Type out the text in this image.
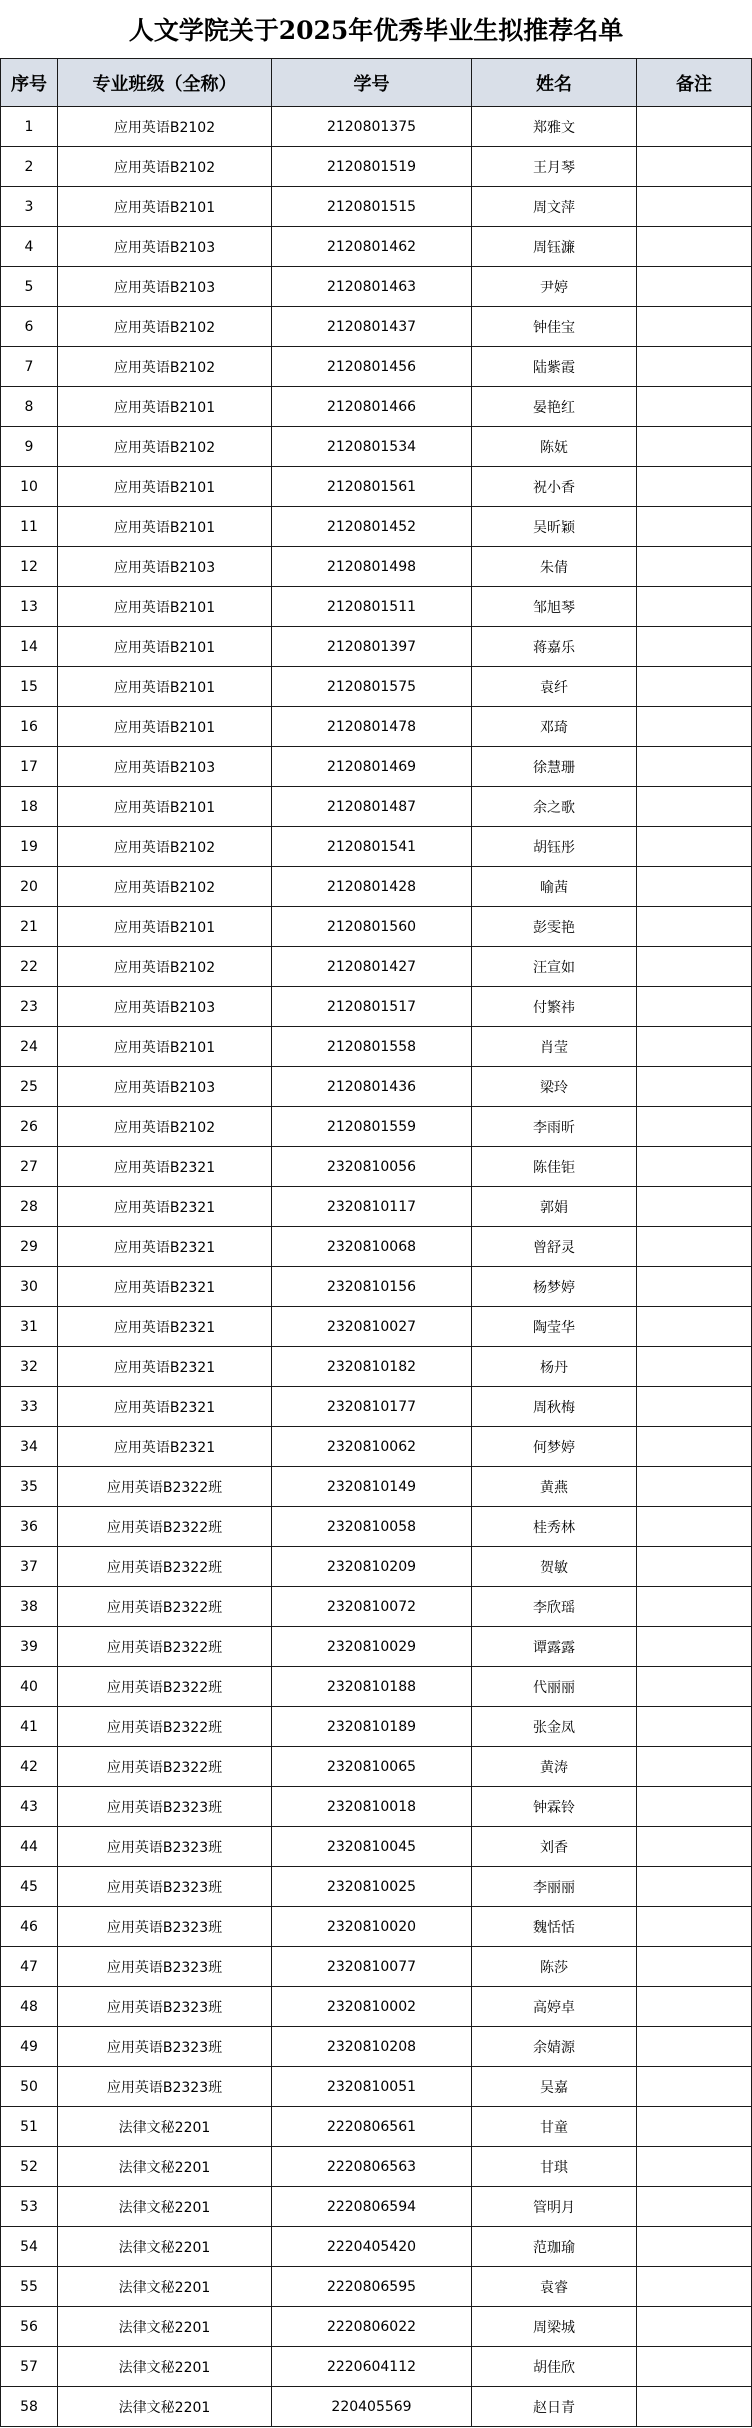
人文学院关于2025年优秀毕业生拟推荐名单
序号	专业班级（全称）	学号	姓名	备注
1	应用英语B2102	2120801375	郑雅文	
2	应用英语B2102	2120801519	王月琴	
3	应用英语B2101	2120801515	周文萍	
4	应用英语B2103	2120801462	周钰濂	
5	应用英语B2103	2120801463	尹婷	
6	应用英语B2102	2120801437	钟佳宝	
7	应用英语B2102	2120801456	陆紫霞	
8	应用英语B2101	2120801466	晏艳红	
9	应用英语B2102	2120801534	陈妩	
10	应用英语B2101	2120801561	祝小香	
11	应用英语B2101	2120801452	吴昕颖	
12	应用英语B2103	2120801498	朱倩	
13	应用英语B2101	2120801511	邹旭琴	
14	应用英语B2101	2120801397	蒋嘉乐	
15	应用英语B2101	2120801575	袁纤	
16	应用英语B2101	2120801478	邓琦	
17	应用英语B2103	2120801469	徐慧珊	
18	应用英语B2101	2120801487	余之歌	
19	应用英语B2102	2120801541	胡钰彤	
20	应用英语B2102	2120801428	喻茜	
21	应用英语B2101	2120801560	彭雯艳	
22	应用英语B2102	2120801427	汪宣如	
23	应用英语B2103	2120801517	付繁祎	
24	应用英语B2101	2120801558	肖莹	
25	应用英语B2103	2120801436	梁玲	
26	应用英语B2102	2120801559	李雨昕	
27	应用英语B2321	2320810056	陈佳钜	
28	应用英语B2321	2320810117	郭娟	
29	应用英语B2321	2320810068	曾舒灵	
30	应用英语B2321	2320810156	杨梦婷	
31	应用英语B2321	2320810027	陶莹华	
32	应用英语B2321	2320810182	杨丹	
33	应用英语B2321	2320810177	周秋梅	
34	应用英语B2321	2320810062	何梦婷	
35	应用英语B2322班	2320810149	黄燕	
36	应用英语B2322班	2320810058	桂秀林	
37	应用英语B2322班	2320810209	贺敏	
38	应用英语B2322班	2320810072	李欣瑶	
39	应用英语B2322班	2320810029	谭露露	
40	应用英语B2322班	2320810188	代丽丽	
41	应用英语B2322班	2320810189	张金凤	
42	应用英语B2322班	2320810065	黄涛	
43	应用英语B2323班	2320810018	钟霖铃	
44	应用英语B2323班	2320810045	刘香	
45	应用英语B2323班	2320810025	李丽丽	
46	应用英语B2323班	2320810020	魏恬恬	
47	应用英语B2323班	2320810077	陈莎	
48	应用英语B2323班	2320810002	高婷卓	
49	应用英语B2323班	2320810208	余婧源	
50	应用英语B2323班	2320810051	吴嘉	
51	法律文秘2201	2220806561	甘童	
52	法律文秘2201	2220806563	甘琪	
53	法律文秘2201	2220806594	管明月	
54	法律文秘2201	2220405420	范珈瑜	
55	法律文秘2201	2220806595	袁睿	
56	法律文秘2201	2220806022	周梁城	
57	法律文秘2201	2220604112	胡佳欣	
58	法律文秘2201	220405569	赵日青	
